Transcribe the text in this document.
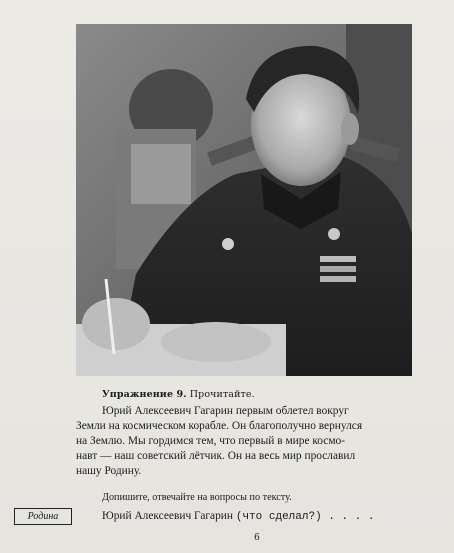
Упражнение 9. Прочитайте.
Юрий Алексеевич Гагарин первым облетел вокруг
Земли на космическом корабле. Он благополучно вернулся
на Землю. Мы гордимся тем, что первый в мире космо-
навт — наш советский лётчик. Он на весь мир прославил
нашу Родину.
Допишите, отвечайте на вопросы по тексту.
Родина	Юрий Алексеевич Гагарин (что сделал?) . . . .
6
